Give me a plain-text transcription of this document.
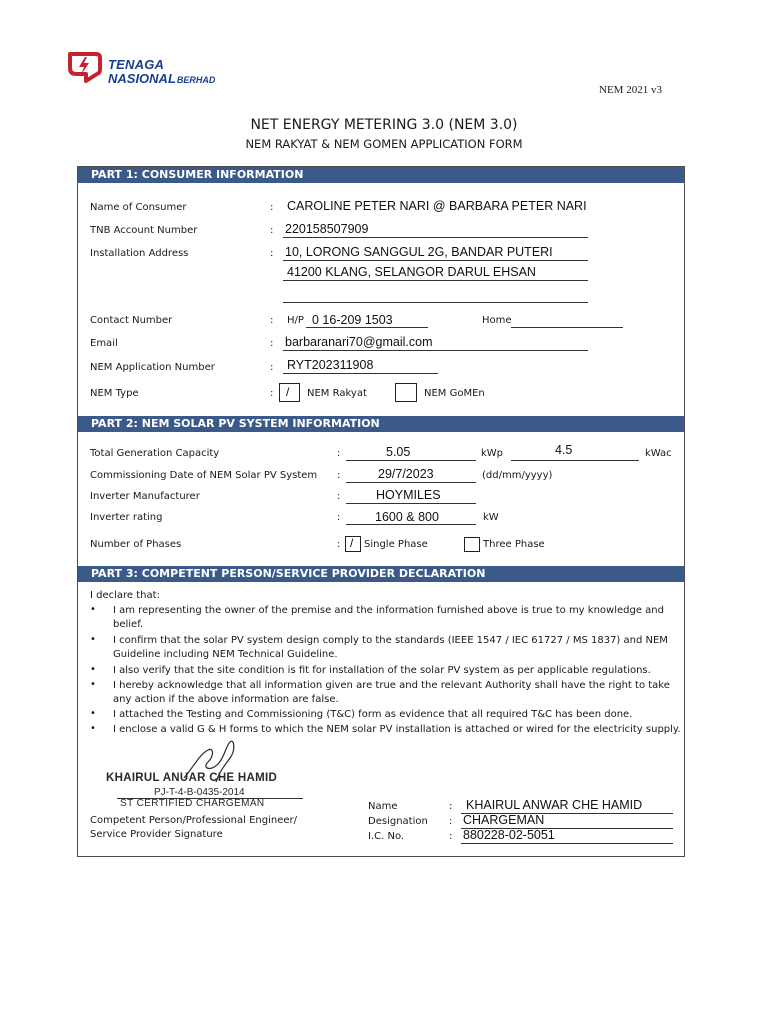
TENAGA
NASIONALBERHAD
NEM 2021 v3
NET ENERGY METERING 3.0 (NEM 3.0)
NEM RAKYAT & NEM GOMEN APPLICATION FORM
PART 1: CONSUMER INFORMATION
Name of Consumer	: CAROLINE PETER NARI @ BARBARA PETER NARI
TNB Account Number	: 220158507909
Installation Address	: 10, LORONG SANGGUL 2G, BANDAR PUTERI
41200 KLANG, SELANGOR DARUL EHSAN
Contact Number	: H/P 0 16-209 1503	Home
Email	: barbaranari70@gmail.com
NEM Application Number	: RYT202311908
NEM Type	: / NEM Rakyat	NEM GoMEn
PART 2: NEM SOLAR PV SYSTEM INFORMATION
Total Generation Capacity	:	5.05	kWp	4.5	kWac
Commissioning Date of NEM Solar PV System :	29/7/2023	(dd/mm/yyyy)
Inverter Manufacturer	:	HOYMILES
Inverter rating	:	1600 & 800	kW
Number of Phases	: / Single Phase	Three Phase
PART 3: COMPETENT PERSON/SERVICE PROVIDER DECLARATION
I declare that:
• I am representing the owner of the premise and the information furnished above is true to my knowledge and
belief.
• I confirm that the solar PV system design comply to the standards (IEEE 1547 / IEC 61727 / MS 1837) and NEM
Guideline including NEM Technical Guideline.
• I also verify that the site condition is fit for installation of the solar PV system as per applicable regulations.
• I hereby acknowledge that all information given are true and the relevant Authority shall have the right to take
any action if the above information are false.
• I attached the Testing and Commissioning (T&C) form as evidence that all required T&C has been done.
• I enclose a valid G & H forms to which the NEM solar PV installation is attached or wired for the electricity supply.
KHAIRUL ANUAR CHE HAMID
PJ-T-4-B-0435-2014
ST CERTIFIED CHARGEMAN
Competent Person/Professional Engineer/
Service Provider Signature
Name	: KHAIRUL ANWAR CHE HAMID
Designation : CHARGEMAN
I.C. No.	: 880228-02-5051
